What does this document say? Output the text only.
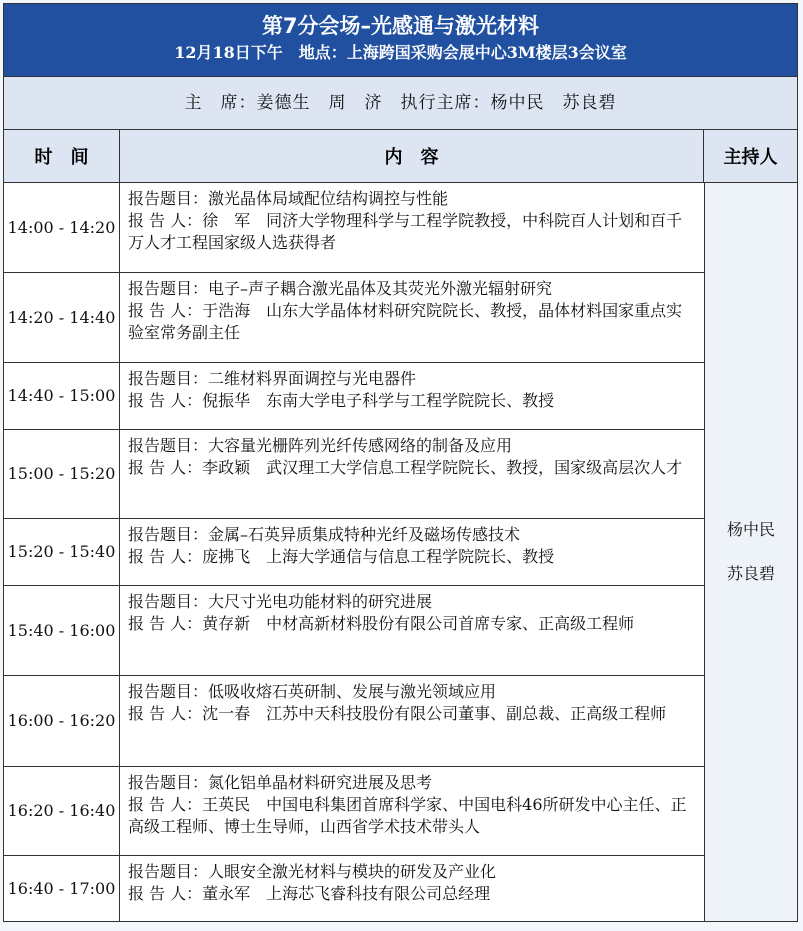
第7分会场–光感通与激光材料
12月18日下午　地点：上海跨国采购会展中心3M楼层3会议室
主　席：姜德生　周　济　执行主席：杨中民　苏良碧
时　间	内　容	主持人
14:00 - 14:20
报告题目：激光晶体局域配位结构调控与性能
报 告 人：徐　军　同济大学物理科学与工程学院教授，中科院百人计划和百千万人才工程国家级人选获得者
14:20 - 14:40
报告题目：电子–声子耦合激光晶体及其荧光外激光辐射研究
报 告 人：于浩海　山东大学晶体材料研究院院长、教授，晶体材料国家重点实验室常务副主任
14:40 - 15:00
报告题目：二维材料界面调控与光电器件
报 告 人：倪振华　东南大学电子科学与工程学院院长、教授
15:00 - 15:20
报告题目：大容量光栅阵列光纤传感网络的制备及应用
报 告 人：李政颖　武汉理工大学信息工程学院院长、教授，国家级高层次人才
15:20 - 15:40
报告题目：金属–石英异质集成特种光纤及磁场传感技术
报 告 人：庞拂飞　上海大学通信与信息工程学院院长、教授
15:40 - 16:00
报告题目：大尺寸光电功能材料的研究进展
报 告 人：黄存新　中材高新材料股份有限公司首席专家、正高级工程师
16:00 - 16:20
报告题目：低吸收熔石英研制、发展与激光领域应用
报 告 人：沈一春　江苏中天科技股份有限公司董事、副总裁、正高级工程师
16:20 - 16:40
报告题目：氮化铝单晶材料研究进展及思考
报 告 人：王英民　中国电科集团首席科学家、中国电科46所研发中心主任、正高级工程师、博士生导师，山西省学术技术带头人
16:40 - 17:00
报告题目：人眼安全激光材料与模块的研发及产业化
报 告 人：董永军　上海芯飞睿科技有限公司总经理
杨中民
苏良碧
